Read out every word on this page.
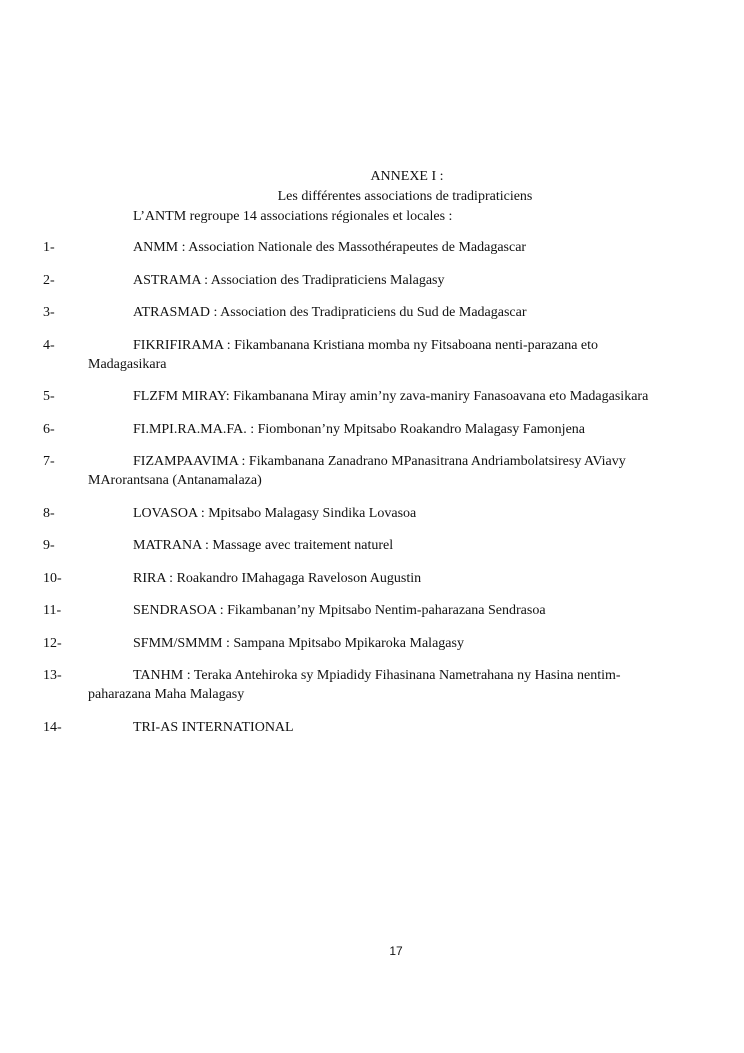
ANNEXE I :
Les différentes associations de tradipraticiens
L’ANTM regroupe 14 associations régionales et locales :
1-	ANMM : Association Nationale des Massothérapeutes de Madagascar
2-	ASTRAMA : Association des Tradipraticiens Malagasy
3-	ATRASMAD : Association des Tradipraticiens du Sud de Madagascar
4-	FIKRIFIRAMA : Fikambanana Kristiana momba ny Fitsaboana nenti-parazana eto Madagasikara
5-	FLZFM MIRAY: Fikambanana Miray amin’ny zava-maniry Fanasoavana eto Madagasikara
6-	FI.MPI.RA.MA.FA. : Fiombonan’ny Mpitsabo Roakandro Malagasy Famonjena
7-	FIZAMPAAVIMA : Fikambanana Zanadrano MPanasitrana Andriambolatsiresy AViavy MArorantsana (Antanamalaza)
8-	LOVASOA : Mpitsabo Malagasy Sindika Lovasoa
9-	MATRANA : Massage avec traitement naturel
10-	RIRA : Roakandro IMahagaga Raveloson Augustin
11-	SENDRASOA : Fikambanan’ny Mpitsabo Nentim-paharazana Sendrasoa
12-	SFMM/SMMM : Sampana Mpitsabo Mpikaroka Malagasy
13-	TANHM : Teraka Antehiroka sy Mpiadidy Fihasinana Nametrahana ny Hasina nentim-paharazana Maha Malagasy
14-	TRI-AS INTERNATIONAL
17
